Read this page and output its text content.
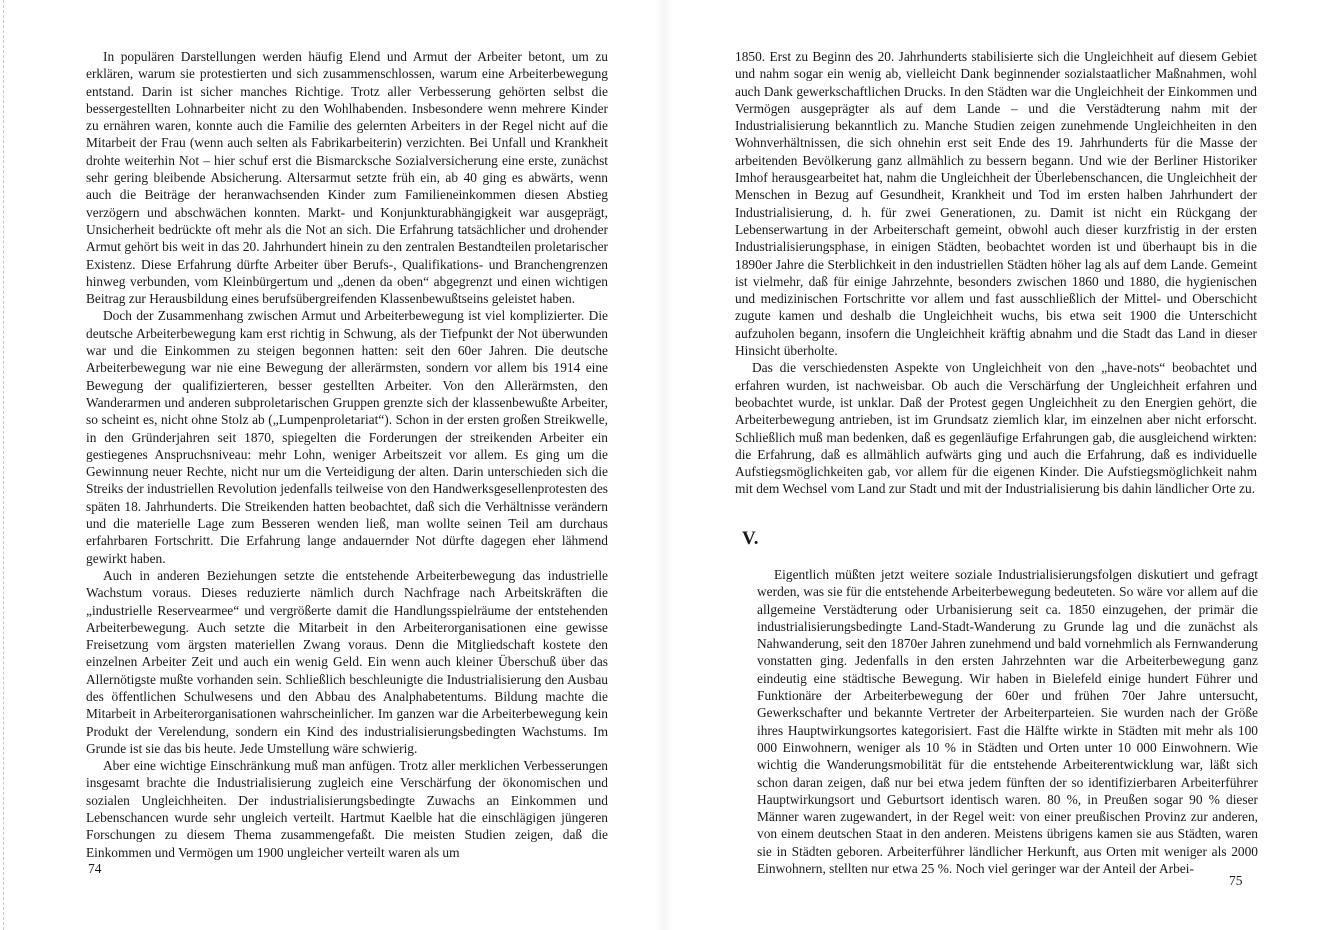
In populären Darstellungen werden häufig Elend und Armut der Arbeiter betont, um zu erklären, warum sie protestierten und sich zusammenschlossen, warum eine Arbeiterbewegung entstand. Darin ist sicher manches Richtige. Trotz aller Verbesserung gehörten selbst die bessergestellten Lohnarbeiter nicht zu den Wohlhabenden. Insbesondere wenn mehrere Kinder zu ernähren waren, konnte auch die Familie des gelernten Arbeiters in der Regel nicht auf die Mitarbeit der Frau (wenn auch selten als Fabrikarbeiterin) verzichten. Bei Unfall und Krankheit drohte weiterhin Not – hier schuf erst die Bismarcksche Sozialversicherung eine erste, zunächst sehr gering bleibende Absicherung. Altersarmut setzte früh ein, ab 40 ging es abwärts, wenn auch die Beiträge der heranwachsenden Kinder zum Familieneinkommen diesen Abstieg verzögern und abschwächen konnten. Markt- und Konjunkturabhängigkeit war ausgeprägt, Unsicherheit bedrückte oft mehr als die Not an sich. Die Erfahrung tatsächlicher und drohender Armut gehört bis weit in das 20. Jahrhundert hinein zu den zentralen Bestandteilen proletarischer Existenz. Diese Erfahrung dürfte Arbeiter über Berufs-, Qualifikations- und Branchengrenzen hinweg verbunden, vom Kleinbürgertum und „denen da oben“ abgegrenzt und einen wichtigen Beitrag zur Herausbildung eines berufsübergreifenden Klassenbewußtseins geleistet haben.

Doch der Zusammenhang zwischen Armut und Arbeiterbewegung ist viel komplizierter. Die deutsche Arbeiterbewegung kam erst richtig in Schwung, als der Tiefpunkt der Not überwunden war und die Einkommen zu steigen begonnen hatten: seit den 60er Jahren. Die deutsche Arbeiterbewegung war nie eine Bewegung der allerärmsten, sondern vor allem bis 1914 eine Bewegung der qualifizierteren, besser gestellten Arbeiter. Von den Allerärmsten, den Wanderarmen und anderen subproletarischen Gruppen grenzte sich der klassenbewußte Arbeiter, so scheint es, nicht ohne Stolz ab („Lumpenproletariat“). Schon in der ersten großen Streikwelle, in den Gründerjahren seit 1870, spiegelten die Forderungen der streikenden Arbeiter ein gestiegenes Anspruchsniveau: mehr Lohn, weniger Arbeitszeit vor allem. Es ging um die Gewinnung neuer Rechte, nicht nur um die Verteidigung der alten. Darin unterschieden sich die Streiks der industriellen Revolution jedenfalls teilweise von den Handwerksgesellenprotesten des späten 18. Jahrhunderts. Die Streikenden hatten beobachtet, daß sich die Verhältnisse verändern und die materielle Lage zum Besseren wenden ließ, man wollte seinen Teil am durchaus erfahrbaren Fortschritt. Die Erfahrung lange andauernder Not dürfte dagegen eher lähmend gewirkt haben.

Auch in anderen Beziehungen setzte die entstehende Arbeiterbewegung das industrielle Wachstum voraus. Dieses reduzierte nämlich durch Nachfrage nach Arbeitskräften die „industrielle Reservearmee“ und vergrößerte damit die Handlungsspielräume der entstehenden Arbeiterbewegung. Auch setzte die Mitarbeit in den Arbeiterorganisationen eine gewisse Freisetzung vom ärgsten materiellen Zwang voraus. Denn die Mitgliedschaft kostete den einzelnen Arbeiter Zeit und auch ein wenig Geld. Ein wenn auch kleiner Überschuß über das Allernötigste mußte vorhanden sein. Schließlich beschleunigte die Industrialisierung den Ausbau des öffentlichen Schulwesens und den Abbau des Analphabetentums. Bildung machte die Mitarbeit in Arbeiterorganisationen wahrscheinlicher. Im ganzen war die Arbeiterbewegung kein Produkt der Verelendung, sondern ein Kind des industrialisierungsbedingten Wachstums. Im Grunde ist sie das bis heute. Jede Umstellung wäre schwierig.

Aber eine wichtige Einschränkung muß man anfügen. Trotz aller merklichen Verbesserungen insgesamt brachte die Industrialisierung zugleich eine Verschärfung der ökonomischen und sozialen Ungleichheiten. Der industrialisierungsbedingte Zuwachs an Einkommen und Lebenschancen wurde sehr ungleich verteilt. Hartmut Kaelble hat die einschlägigen jüngeren Forschungen zu diesem Thema zusammengefaßt. Die meisten Studien zeigen, daß die Einkommen und Vermögen um 1900 ungleicher verteilt waren als um

74

1850. Erst zu Beginn des 20. Jahrhunderts stabilisierte sich die Ungleichheit auf diesem Gebiet und nahm sogar ein wenig ab, vielleicht Dank beginnender sozialstaatlicher Maßnahmen, wohl auch Dank gewerkschaftlichen Drucks. In den Städten war die Ungleichheit der Einkommen und Vermögen ausgeprägter als auf dem Lande – und die Verstädterung nahm mit der Industrialisierung bekanntlich zu. Manche Studien zeigen zunehmende Ungleichheiten in den Wohnverhältnissen, die sich ohnehin erst seit Ende des 19. Jahrhunderts für die Masse der arbeitenden Bevölkerung ganz allmählich zu bessern begann. Und wie der Berliner Historiker Imhof herausgearbeitet hat, nahm die Ungleichheit der Überlebenschancen, die Ungleichheit der Menschen in Bezug auf Gesundheit, Krankheit und Tod im ersten halben Jahrhundert der Industrialisierung, d. h. für zwei Generationen, zu. Damit ist nicht ein Rückgang der Lebenserwartung in der Arbeiterschaft gemeint, obwohl auch dieser kurzfristig in der ersten Industrialisierungsphase, in einigen Städten, beobachtet worden ist und überhaupt bis in die 1890er Jahre die Sterblichkeit in den industriellen Städten höher lag als auf dem Lande. Gemeint ist vielmehr, daß für einige Jahrzehnte, besonders zwischen 1860 und 1880, die hygienischen und medizinischen Fortschritte vor allem und fast ausschließlich der Mittel- und Oberschicht zugute kamen und deshalb die Ungleichheit wuchs, bis etwa seit 1900 die Unterschicht aufzuholen begann, insofern die Ungleichheit kräftig abnahm und die Stadt das Land in dieser Hinsicht überholte.

Das die verschiedensten Aspekte von Ungleichheit von den „have-nots“ beobachtet und erfahren wurden, ist nachweisbar. Ob auch die Verschärfung der Ungleichheit erfahren und beobachtet wurde, ist unklar. Daß der Protest gegen Ungleichheit zu den Energien gehört, die Arbeiterbewegung antrieben, ist im Grundsatz ziemlich klar, im einzelnen aber nicht erforscht. Schließlich muß man bedenken, daß es gegenläufige Erfahrungen gab, die ausgleichend wirkten: die Erfahrung, daß es allmählich aufwärts ging und auch die Erfahrung, daß es individuelle Aufstiegsmöglichkeiten gab, vor allem für die eigenen Kinder. Die Aufstiegsmöglichkeit nahm mit dem Wechsel vom Land zur Stadt und mit der Industrialisierung bis dahin ländlicher Orte zu.

V.

Eigentlich müßten jetzt weitere soziale Industrialisierungsfolgen diskutiert und gefragt werden, was sie für die entstehende Arbeiterbewegung bedeuteten. So wäre vor allem auf die allgemeine Verstädterung oder Urbanisierung seit ca. 1850 einzugehen, der primär die industrialisierungsbedingte Land-Stadt-Wanderung zu Grunde lag und die zunächst als Nahwanderung, seit den 1870er Jahren zunehmend und bald vornehmlich als Fernwanderung vonstatten ging. Jedenfalls in den ersten Jahrzehnten war die Arbeiterbewegung ganz eindeutig eine städtische Bewegung. Wir haben in Bielefeld einige hundert Führer und Funktionäre der Arbeiterbewegung der 60er und frühen 70er Jahre untersucht, Gewerkschafter und bekannte Vertreter der Arbeiterparteien. Sie wurden nach der Größe ihres Hauptwirkungsortes kategorisiert. Fast die Hälfte wirkte in Städten mit mehr als 100 000 Einwohnern, weniger als 10 % in Städten und Orten unter 10 000 Einwohnern. Wie wichtig die Wanderungsmobilität für die entstehende Arbeiterentwicklung war, läßt sich schon daran zeigen, daß nur bei etwa jedem fünften der so identifizierbaren Arbeiterführer Hauptwirkungsort und Geburtsort identisch waren. 80 %, in Preußen sogar 90 % dieser Männer waren zugewandert, in der Regel weit: von einer preußischen Provinz zur anderen, von einem deutschen Staat in den anderen. Meistens übrigens kamen sie aus Städten, waren sie in Städten geboren. Arbeiterführer ländlicher Herkunft, aus Orten mit weniger als 2000 Einwohnern, stellten nur etwa 25 %. Noch viel geringer war der Anteil der Arbei-

75
